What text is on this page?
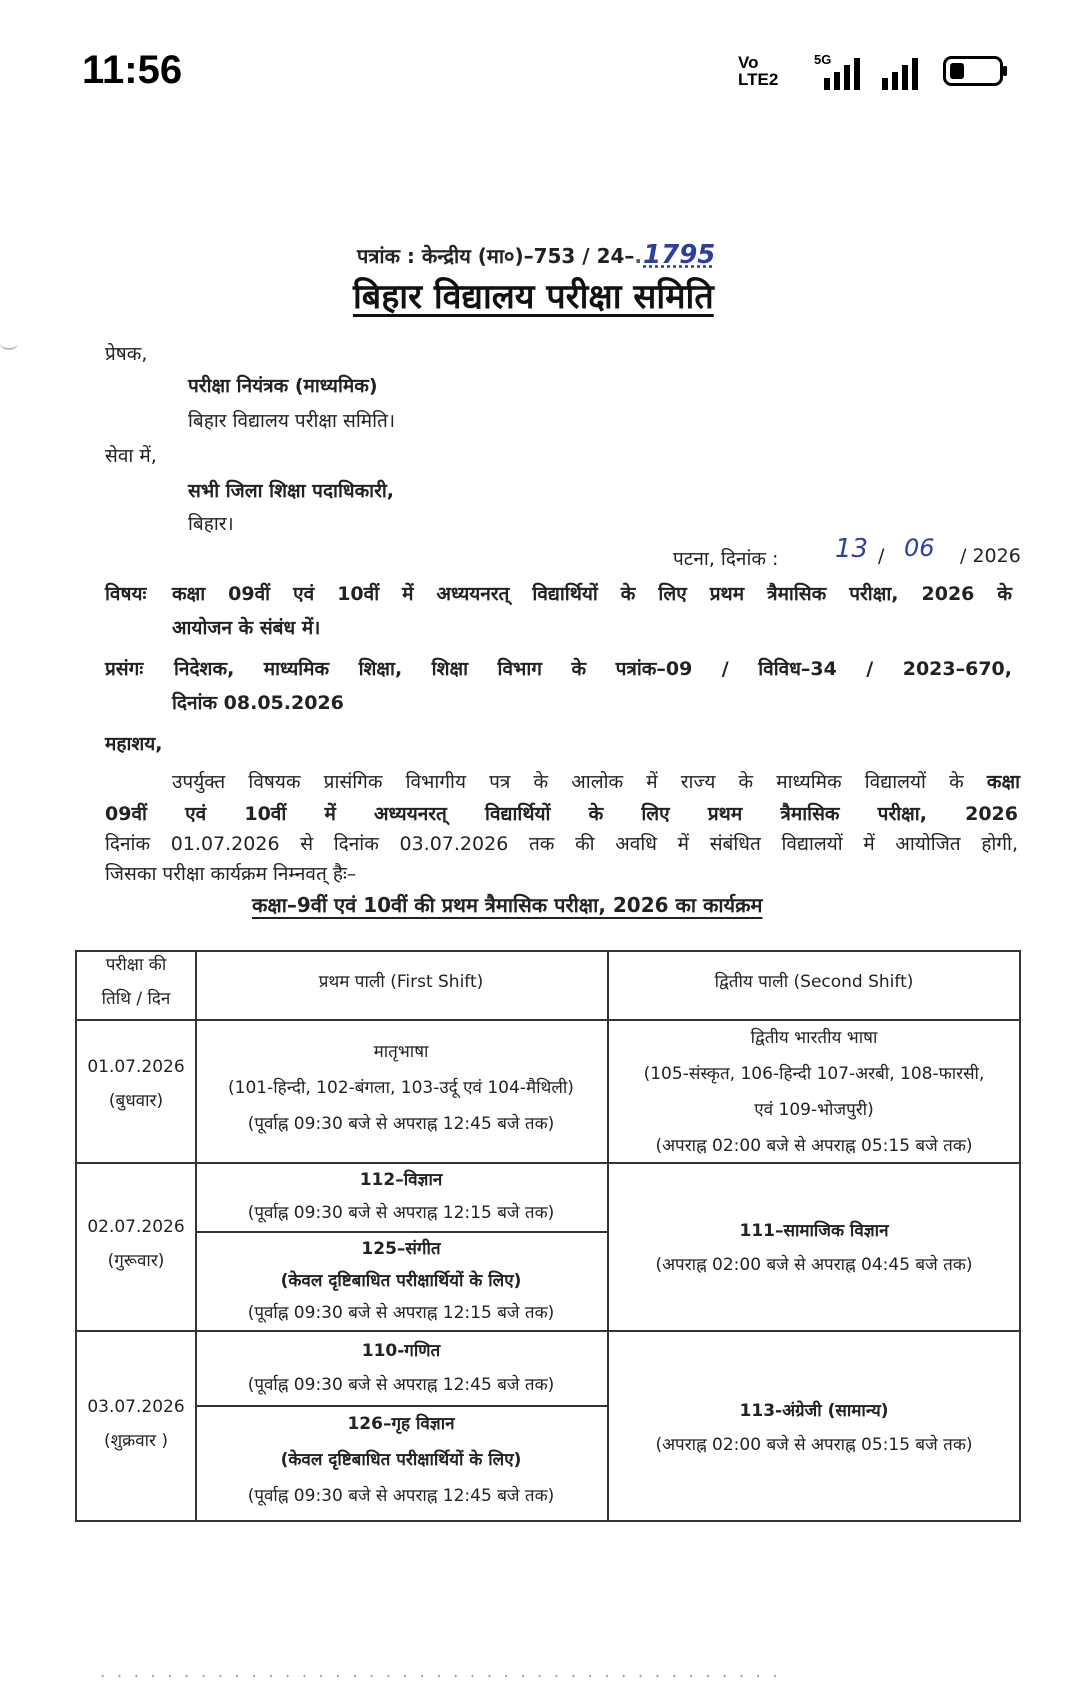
11:56	Vo
LTE2
5G
पत्रांक : केन्द्रीय (मा०)–753 / 24–.1795
बिहार विद्यालय परीक्षा समिति
प्रेषक,
परीक्षा नियंत्रक (माध्यमिक)
बिहार विद्यालय परीक्षा समिति।
सेवा में,
सभी जिला शिक्षा पदाधिकारी,
बिहार।
पटना, दिनांक : 13 / 06 / 2026
विषयः कक्षा 09वीं एवं 10वीं में अध्ययनरत् विद्यार्थियों के लिए प्रथम त्रैमासिक परीक्षा, 2026 के
आयोजन के संबंध में।
प्रसंगः निदेशक, माध्यमिक शिक्षा, शिक्षा विभाग के पत्रांक–09 / विविध–34 / 2023–670,
दिनांक 08.05.2026
महाशय,
उपर्युक्त विषयक प्रासंगिक विभागीय पत्र के आलोक में राज्य के माध्यमिक विद्यालयों के कक्षा
09वीं एवं 10वीं में अध्ययनरत् विद्यार्थियों के लिए प्रथम त्रैमासिक परीक्षा, 2026
दिनांक 01.07.2026 से दिनांक 03.07.2026 तक की अवधि में संबंधित विद्यालयों में आयोजित होगी,
जिसका परीक्षा कार्यक्रम निम्नवत् हैः–
कक्षा–9वीं एवं 10वीं की प्रथम त्रैमासिक परीक्षा, 2026 का कार्यक्रम
परीक्षा की
तिथि / दिन
प्रथम पाली (First Shift)	द्वितीय पाली (Second Shift)
01.07.2026
(बुधवार)
मातृभाषा
(101-हिन्दी, 102-बंगला, 103-उर्दू एवं 104-मैथिली)
(पूर्वाह्न 09:30 बजे से अपराह्न 12:45 बजे तक)
द्वितीय भारतीय भाषा
(105-संस्कृत, 106-हिन्दी 107-अरबी, 108-फारसी,
एवं 109-भोजपुरी)
(अपराह्न 02:00 बजे से अपराह्न 05:15 बजे तक)
02.07.2026
(गुरूवार)
112–विज्ञान
(पूर्वाह्न 09:30 बजे से अपराह्न 12:15 बजे तक)
125–संगीत
(केवल दृष्टिबाधित परीक्षार्थियों के लिए)
(पूर्वाह्न 09:30 बजे से अपराह्न 12:15 बजे तक)
111–सामाजिक विज्ञान
(अपराह्न 02:00 बजे से अपराह्न 04:45 बजे तक)
03.07.2026
(शुक्रवार )
110-गणित
(पूर्वाह्न 09:30 बजे से अपराह्न 12:45 बजे तक)
126–गृह विज्ञान
(केवल दृष्टिबाधित परीक्षार्थियों के लिए)
(पूर्वाह्न 09:30 बजे से अपराह्न 12:45 बजे तक)
113-अंग्रेजी (सामान्य)
(अपराह्न 02:00 बजे से अपराह्न 05:15 बजे तक)
· · · · · · · · · · · · · · · · · · · · · · · · · · · · · · · · · · · · · · · · ·
